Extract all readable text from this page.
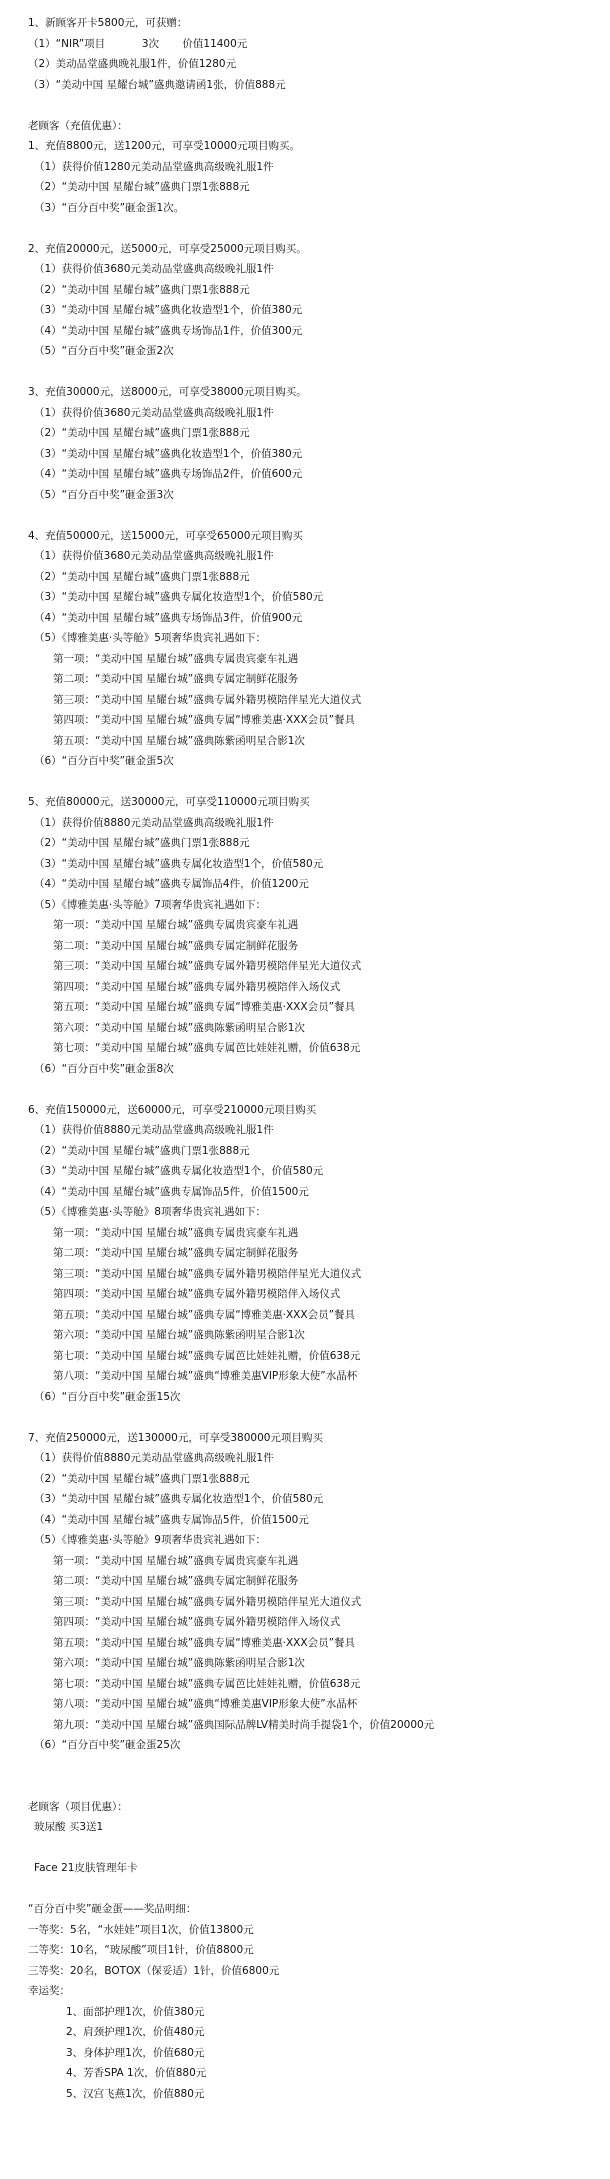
1、新顾客开卡5800元，可获赠：
（1）“NIR”项目           3次       价值11400元
（2）美动品堂盛典晚礼服1件，价值1280元
（3）“美动中国 星耀台城”盛典邀请函1张，价值888元
老顾客（充值优惠）：
1、充值8800元，送1200元，可享受10000元项目购买。
（1）获得价值1280元美动品堂盛典高级晚礼服1件
（2）“美动中国 星耀台城”盛典门票1张888元
（3）“百分百中奖”砸金蛋1次。
2、充值20000元，送5000元，可享受25000元项目购买。
（1）获得价值3680元美动品堂盛典高级晚礼服1件
（2）“美动中国 星耀台城”盛典门票1张888元
（3）“美动中国 星耀台城”盛典化妆造型1个，价值380元
（4）“美动中国 星耀台城”盛典专场饰品1件，价值300元
（5）“百分百中奖”砸金蛋2次
3、充值30000元，送8000元，可享受38000元项目购买。
（1）获得价值3680元美动品堂盛典高级晚礼服1件
（2）“美动中国 星耀台城”盛典门票1张888元
（3）“美动中国 星耀台城”盛典化妆造型1个，价值380元
（4）“美动中国 星耀台城”盛典专场饰品2件，价值600元
（5）“百分百中奖”砸金蛋3次
4、充值50000元，送15000元，可享受65000元项目购买
（1）获得价值3680元美动品堂盛典高级晚礼服1件
（2）“美动中国 星耀台城”盛典门票1张888元
（3）“美动中国 星耀台城”盛典专属化妆造型1个，价值580元
（4）“美动中国 星耀台城”盛典专场饰品3件，价值900元
（5）《博雅美惠·头等舱》5项奢华贵宾礼遇如下：
第一项：“美动中国 星耀台城”盛典专属贵宾豪车礼遇
第二项：“美动中国 星耀台城”盛典专属定制鲜花服务
第三项：“美动中国 星耀台城”盛典专属外籍男模陪伴星光大道仪式
第四项：“美动中国 星耀台城”盛典专属“博雅美惠·XXX会员”餐具
第五项：“美动中国 星耀台城”盛典陈紫函明星合影1次
（6）“百分百中奖”砸金蛋5次
5、充值80000元，送30000元，可享受110000元项目购买
（1）获得价值8880元美动品堂盛典高级晚礼服1件
（2）“美动中国 星耀台城”盛典门票1张888元
（3）“美动中国 星耀台城”盛典专属化妆造型1个，价值580元
（4）“美动中国 星耀台城”盛典专属饰品4件，价值1200元
（5）《博雅美惠·头等舱》7项奢华贵宾礼遇如下：
第一项：“美动中国 星耀台城”盛典专属贵宾豪车礼遇
第二项：“美动中国 星耀台城”盛典专属定制鲜花服务
第三项：“美动中国 星耀台城”盛典专属外籍男模陪伴星光大道仪式
第四项：“美动中国 星耀台城”盛典专属外籍男模陪伴入场仪式
第五项：“美动中国 星耀台城”盛典专属“博雅美惠·XXX会员”餐具
第六项：“美动中国 星耀台城”盛典陈紫函明星合影1次
第七项：“美动中国 星耀台城”盛典专属芭比娃娃礼赠，价值638元
（6）“百分百中奖”砸金蛋8次
6、充值150000元，送60000元，可享受210000元项目购买
（1）获得价值8880元美动品堂盛典高级晚礼服1件
（2）“美动中国 星耀台城”盛典门票1张888元
（3）“美动中国 星耀台城”盛典专属化妆造型1个，价值580元
（4）“美动中国 星耀台城”盛典专属饰品5件，价值1500元
（5）《博雅美惠·头等舱》8项奢华贵宾礼遇如下：
第一项：“美动中国 星耀台城”盛典专属贵宾豪车礼遇
第二项：“美动中国 星耀台城”盛典专属定制鲜花服务
第三项：“美动中国 星耀台城”盛典专属外籍男模陪伴星光大道仪式
第四项：“美动中国 星耀台城”盛典专属外籍男模陪伴入场仪式
第五项：“美动中国 星耀台城”盛典专属“博雅美惠·XXX会员”餐具
第六项：“美动中国 星耀台城”盛典陈紫函明星合影1次
第七项：“美动中国 星耀台城”盛典专属芭比娃娃礼赠，价值638元
第八项：“美动中国 星耀台城”盛典“博雅美惠VIP形象大使”水晶杯
（6）“百分百中奖”砸金蛋15次
7、充值250000元，送130000元，可享受380000元项目购买
（1）获得价值8880元美动品堂盛典高级晚礼服1件
（2）“美动中国 星耀台城”盛典门票1张888元
（3）“美动中国 星耀台城”盛典专属化妆造型1个，价值580元
（4）“美动中国 星耀台城”盛典专属饰品5件，价值1500元
（5）《博雅美惠·头等舱》9项奢华贵宾礼遇如下：
第一项：“美动中国 星耀台城”盛典专属贵宾豪车礼遇
第二项：“美动中国 星耀台城”盛典专属定制鲜花服务
第三项：“美动中国 星耀台城”盛典专属外籍男模陪伴星光大道仪式
第四项：“美动中国 星耀台城”盛典专属外籍男模陪伴入场仪式
第五项：“美动中国 星耀台城”盛典专属“博雅美惠·XXX会员”餐具
第六项：“美动中国 星耀台城”盛典陈紫函明星合影1次
第七项：“美动中国 星耀台城”盛典专属芭比娃娃礼赠，价值638元
第八项：“美动中国 星耀台城”盛典“博雅美惠VIP形象大使”水晶杯
第九项：“美动中国 星耀台城”盛典国际品牌LV精美时尚手提袋1个，价值20000元
（6）“百分百中奖”砸金蛋25次
老顾客（项目优惠）：
玻尿酸 买3送1
Face 21皮肤管理年卡
“百分百中奖”砸金蛋——奖品明细：
一等奖：5名，“水娃娃”项目1次，价值13800元
二等奖：10名，“玻尿酸”项目1针，价值8800元
三等奖：20名，BOTOX（保妥适）1针，价值6800元
幸运奖：
1、面部护理1次，价值380元
2、肩颈护理1次，价值480元
3、身体护理1次，价值680元
4、芳香SPA 1次，价值880元
5、汉宫飞燕1次，价值880元
